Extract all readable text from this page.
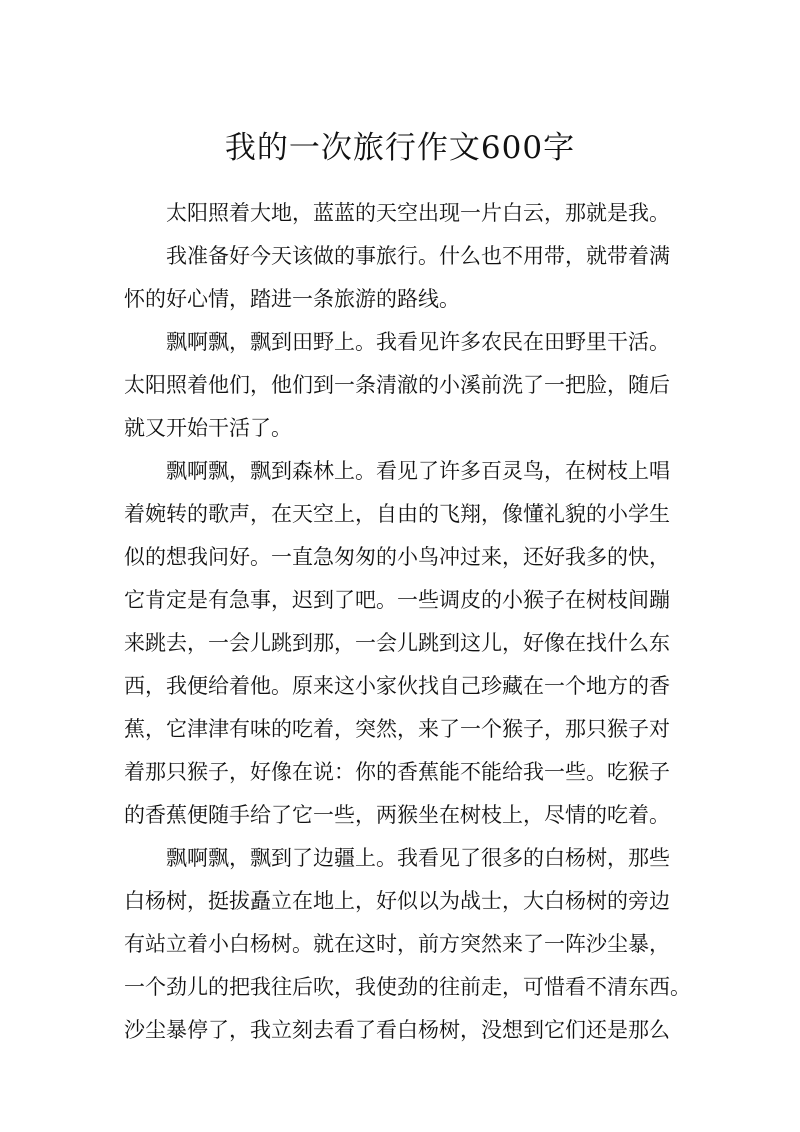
我的一次旅行作文600字

太阳照着大地，蓝蓝的天空出现一片白云，那就是我。

我准备好今天该做的事旅行。什么也不用带，就带着满

怀的好心情，踏进一条旅游的路线。

飘啊飘，飘到田野上。我看见许多农民在田野里干活。

太阳照着他们，他们到一条清澈的小溪前洗了一把脸，随后

就又开始干活了。

飘啊飘，飘到森林上。看见了许多百灵鸟，在树枝上唱

着婉转的歌声，在天空上，自由的飞翔，像懂礼貌的小学生

似的想我问好。一直急匆匆的小鸟冲过来，还好我多的快，

它肯定是有急事，迟到了吧。一些调皮的小猴子在树枝间蹦

来跳去，一会儿跳到那，一会儿跳到这儿，好像在找什么东

西，我便给着他。原来这小家伙找自己珍藏在一个地方的香

蕉，它津津有味的吃着，突然，来了一个猴子，那只猴子对

着那只猴子，好像在说：你的香蕉能不能给我一些。吃猴子

的香蕉便随手给了它一些，两猴坐在树枝上，尽情的吃着。

飘啊飘，飘到了边疆上。我看见了很多的白杨树，那些

白杨树，挺拔矗立在地上，好似以为战士，大白杨树的旁边

有站立着小白杨树。就在这时，前方突然来了一阵沙尘暴，

一个劲儿的把我往后吹，我使劲的往前走，可惜看不清东西。

沙尘暴停了，我立刻去看了看白杨树，没想到它们还是那么
